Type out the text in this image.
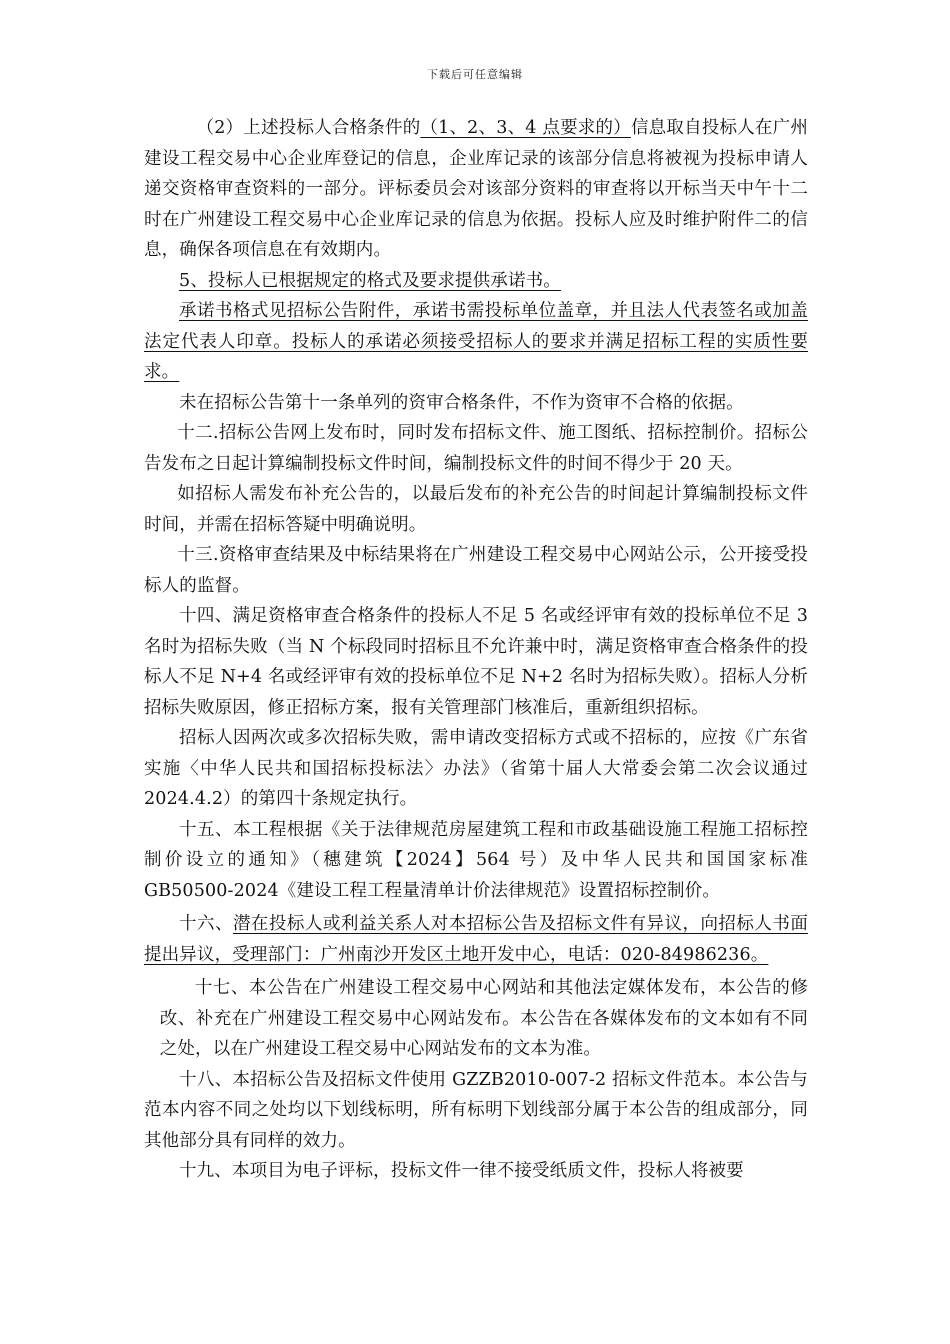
下载后可任意编辑

（2）上述投标人合格条件的（1、2、3、4 点要求的）信息取自投标人在广州建设工程交易中心企业库登记的信息，企业库记录的该部分信息将被视为投标申请人递交资格审查资料的一部分。评标委员会对该部分资料的审查将以开标当天中午十二时在广州建设工程交易中心企业库记录的信息为依据。投标人应及时维护附件二的信息，确保各项信息在有效期内。

5、投标人已根据规定的格式及要求提供承诺书。

承诺书格式见招标公告附件，承诺书需投标单位盖章，并且法人代表签名或加盖法定代表人印章。投标人的承诺必须接受招标人的要求并满足招标工程的实质性要求。

未在招标公告第十一条单列的资审合格条件，不作为资审不合格的依据。

十二.招标公告网上发布时，同时发布招标文件、施工图纸、招标控制价。招标公告发布之日起计算编制投标文件时间，编制投标文件的时间不得少于 20 天。

如招标人需发布补充公告的，以最后发布的补充公告的时间起计算编制投标文件时间，并需在招标答疑中明确说明。

十三.资格审查结果及中标结果将在广州建设工程交易中心网站公示，公开接受投标人的监督。

十四、满足资格审查合格条件的投标人不足 5 名或经评审有效的投标单位不足 3 名时为招标失败（当 N 个标段同时招标且不允许兼中时，满足资格审查合格条件的投标人不足 N+4 名或经评审有效的投标单位不足 N+2 名时为招标失败）。招标人分析招标失败原因，修正招标方案，报有关管理部门核准后，重新组织招标。

招标人因两次或多次招标失败，需申请改变招标方式或不招标的，应按《广东省实施〈中华人民共和国招标投标法〉办法》（省第十届人大常委会第二次会议通过 2024.4.2）的第四十条规定执行。

十五、本工程根据《关于法律规范房屋建筑工程和市政基础设施工程施工招标控制价设立的通知》（穗建筑【2024】564 号）及中华人民共和国国家标准 GB50500-2024《建设工程工程量清单计价法律规范》设置招标控制价。

十六、潜在投标人或利益关系人对本招标公告及招标文件有异议，向招标人书面提出异议，受理部门：广州南沙开发区土地开发中心，电话：020-84986236。

十七、本公告在广州建设工程交易中心网站和其他法定媒体发布，本公告的修改、补充在广州建设工程交易中心网站发布。本公告在各媒体发布的文本如有不同之处，以在广州建设工程交易中心网站发布的文本为准。

十八、本招标公告及招标文件使用 GZZB2010-007-2 招标文件范本。本公告与范本内容不同之处均以下划线标明，所有标明下划线部分属于本公告的组成部分，同其他部分具有同样的效力。

十九、本项目为电子评标，投标文件一律不接受纸质文件，投标人将被要
